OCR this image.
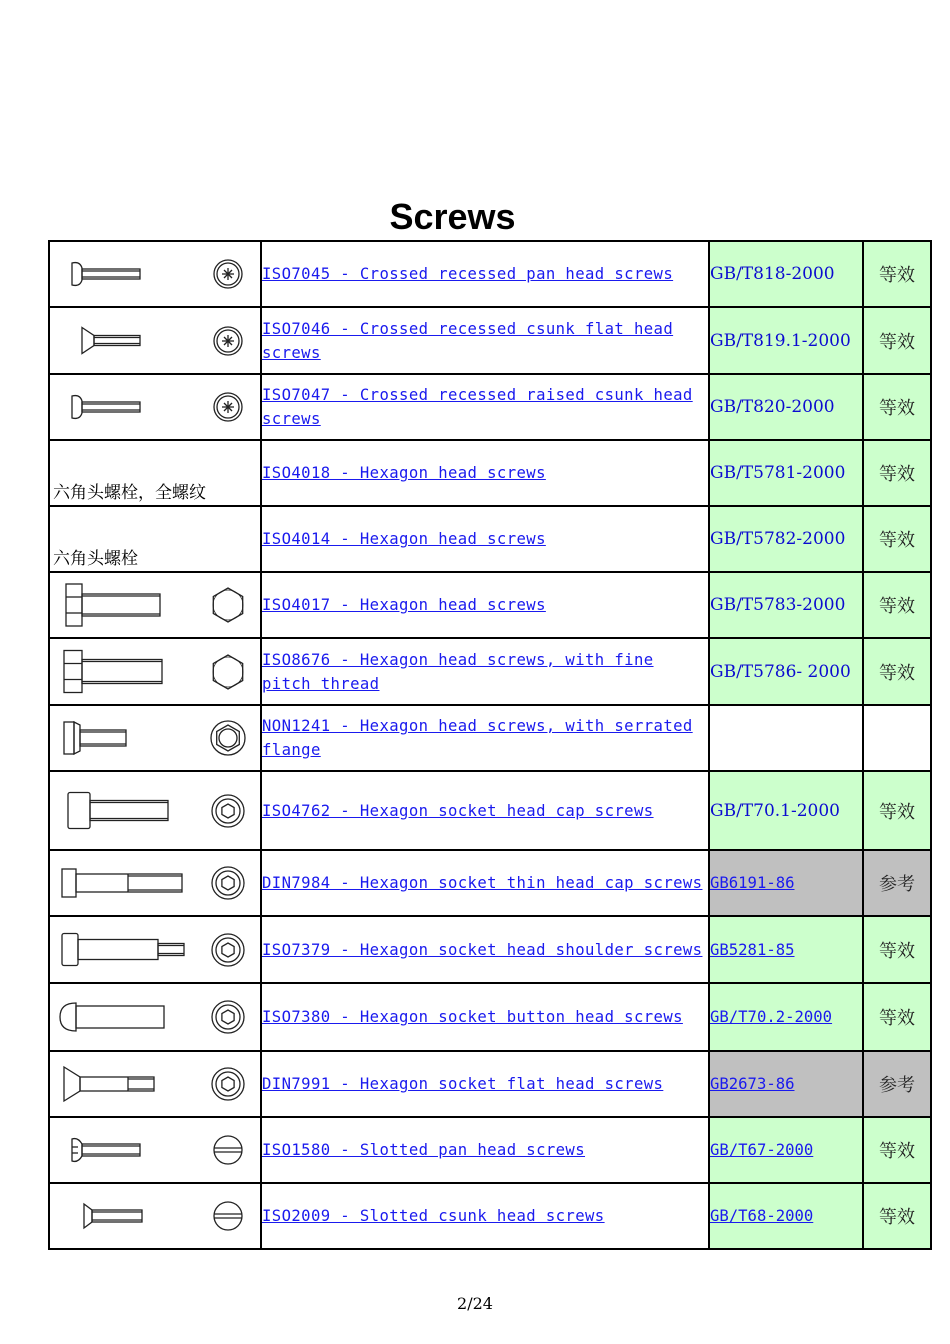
Screws
	ISO7045 - Crossed recessed pan head screws	GB/T818-2000	等效

	ISO7046 - Crossed recessed csunk flat head screws	GB/T819.1-2000	等效

	ISO7047 - Crossed recessed raised csunk head screws	GB/T820-2000	等效

六角头螺栓，全螺纹	ISO4018 - Hexagon head screws	GB/T5781-2000	等效

六角头螺栓	ISO4014 - Hexagon head screws	GB/T5782-2000	等效

	ISO4017 - Hexagon head screws	GB/T5783-2000	等效

	ISO8676 - Hexagon head screws, with fine pitch thread	GB/T5786- 2000	等效

	NON1241 - Hexagon head screws, with serrated flange	

	ISO4762 - Hexagon socket head cap screws	GB/T70.1-2000	等效

	DIN7984 - Hexagon socket thin head cap screws	GB6191-86	参考

	ISO7379 - Hexagon socket head shoulder screws	GB5281-85	等效

	ISO7380 - Hexagon socket button head screws	GB/T70.2-2000	等效

	DIN7991 - Hexagon socket flat head screws	GB2673-86	参考

	ISO1580 - Slotted pan head screws	GB/T67-2000	等效

	ISO2009 - Slotted csunk head screws	GB/T68-2000	等效
2/24
